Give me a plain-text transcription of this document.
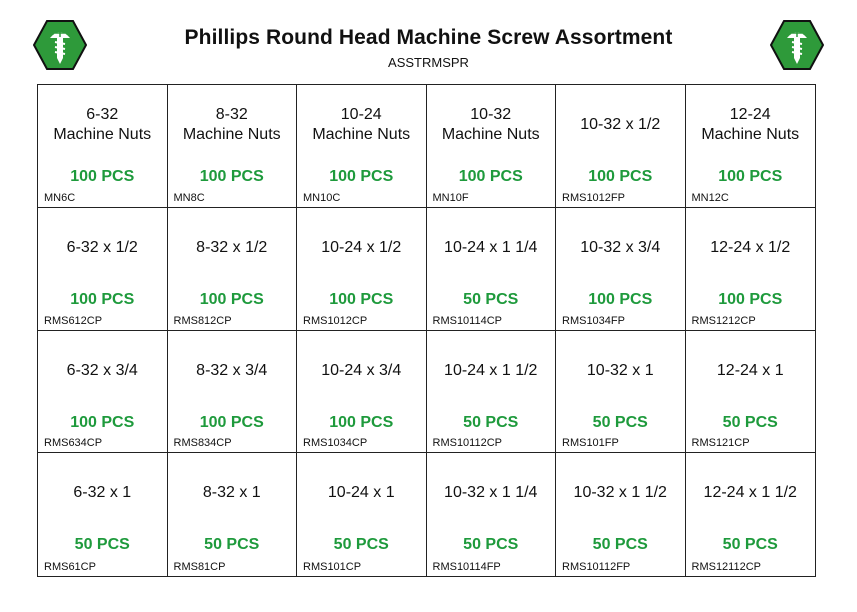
Phillips Round Head Machine Screw Assortment
ASSTRMSPR
6-32
Machine Nuts
100 PCS
MN6C
8-32
Machine Nuts
100 PCS
MN8C
10-24
Machine Nuts
100 PCS
MN10C
10-32
Machine Nuts
100 PCS
MN10F
10-32 x 1/2
100 PCS
RMS1012FP
12-24
Machine Nuts
100 PCS
MN12C
6-32 x 1/2
100 PCS
RMS612CP
8-32 x 1/2
100 PCS
RMS812CP
10-24 x 1/2
100 PCS
RMS1012CP
10-24 x 1 1/4
50 PCS
RMS10114CP
10-32 x 3/4
100 PCS
RMS1034FP
12-24 x 1/2
100 PCS
RMS1212CP
6-32 x 3/4
100 PCS
RMS634CP
8-32 x 3/4
100 PCS
RMS834CP
10-24 x 3/4
100 PCS
RMS1034CP
10-24 x 1 1/2
50 PCS
RMS10112CP
10-32 x 1
50 PCS
RMS101FP
12-24 x 1
50 PCS
RMS121CP
6-32 x 1
50 PCS
RMS61CP
8-32 x 1
50 PCS
RMS81CP
10-24 x 1
50 PCS
RMS101CP
10-32 x 1 1/4
50 PCS
RMS10114FP
10-32 x 1 1/2
50 PCS
RMS10112FP
12-24 x 1 1/2
50 PCS
RMS12112CP
